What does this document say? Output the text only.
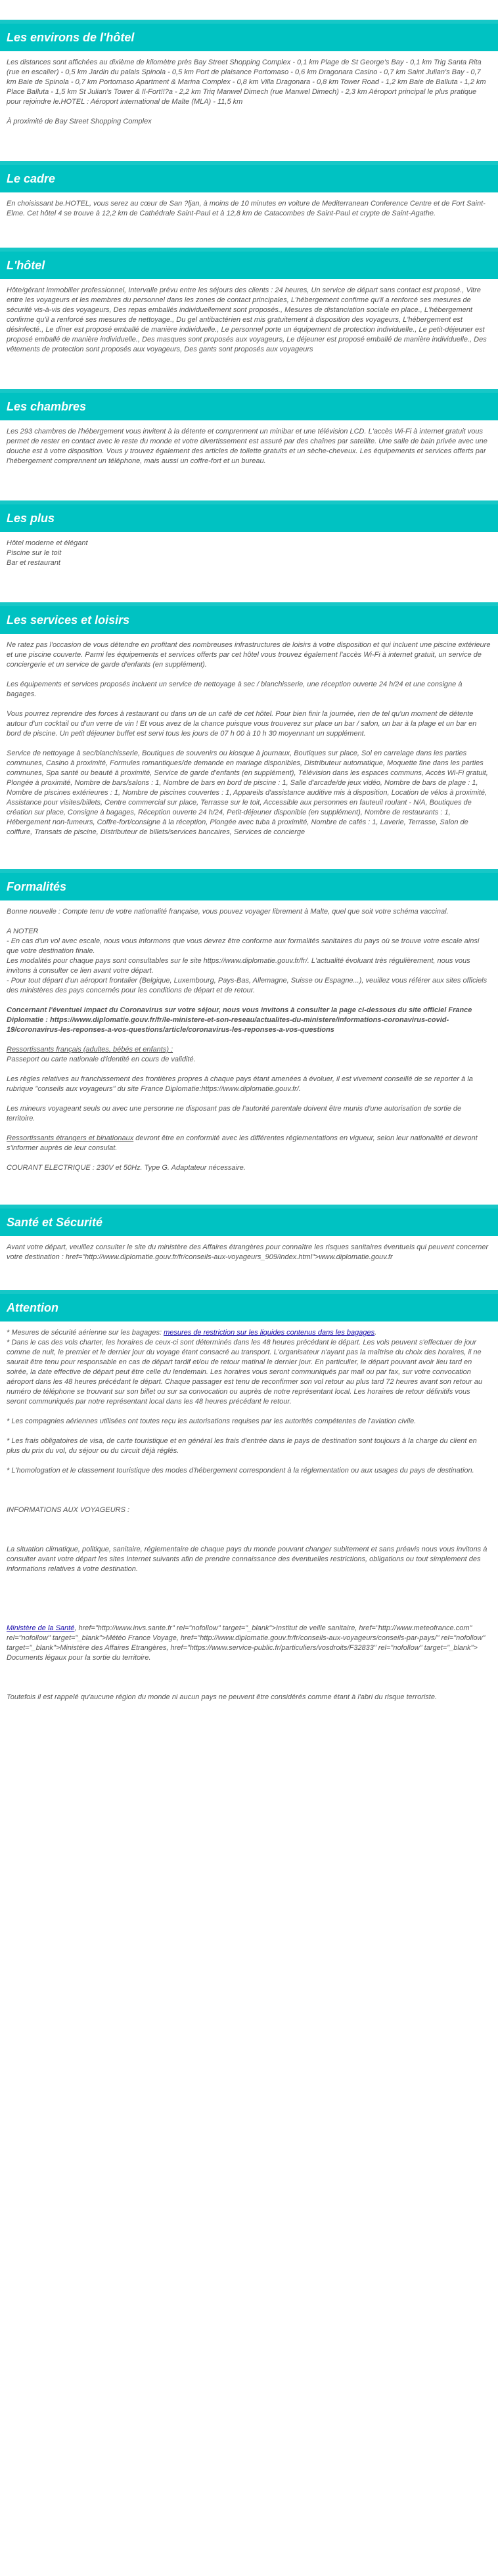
Les environs de l'hôtel

Les distances sont affichées au dixième de kilomètre près Bay Street Shopping Complex - 0,1 km Plage de St George's Bay - 0,1 km Trig Santa Rita (rue en escalier) - 0,5 km Jardin du palais Spinola - 0,5 km Port de plaisance Portomaso - 0,6 km Dragonara Casino - 0,7 km Saint Julian's Bay - 0,7 km Baie de Spinola - 0,7 km Portomaso Apartment & Marina Complex - 0,8 km Villa Dragonara - 0,8 km Tower Road - 1,2 km Baie de Balluta - 1,2 km Place Balluta - 1,5 km St Julian's Tower & Il-Fort!!?a - 2,2 km Triq Manwel Dimech (rue Manwel Dimech) - 2,3 km Aéroport principal le plus pratique pour rejoindre le.HOTEL : Aéroport international de Malte (MLA) - 11,5 km

À proximité de Bay Street Shopping Complex

Le cadre

En choisissant be.HOTEL, vous serez au cœur de San ?ljan, à moins de 10 minutes en voiture de Mediterranean Conference Centre et de Fort Saint-Elme. Cet hôtel 4 se trouve à 12,2 km de Cathédrale Saint-Paul et à 12,8 km de Catacombes de Saint-Paul et crypte de Saint-Agathe.

L'hôtel

Hôte/gérant immobilier professionnel, Intervalle prévu entre les séjours des clients : 24 heures, Un service de départ sans contact est proposé., Vitre entre les voyageurs et les membres du personnel dans les zones de contact principales, L'hébergement confirme qu'il a renforcé ses mesures de sécurité vis-à-vis des voyageurs, Des repas emballés individuellement sont proposés., Mesures de distanciation sociale en place., L'hébergement confirme qu'il a renforcé ses mesures de nettoyage., Du gel antibactérien est mis gratuitement à disposition des voyageurs, L'hébergement est désinfecté., Le dîner est proposé emballé de manière individuelle., Le personnel porte un équipement de protection individuelle., Le petit-déjeuner est proposé emballé de manière individuelle., Des masques sont proposés aux voyageurs, Le déjeuner est proposé emballé de manière individuelle., Des vêtements de protection sont proposés aux voyageurs, Des gants sont proposés aux voyageurs

Les chambres

Les 293 chambres de l'hébergement vous invitent à la détente et comprennent un minibar et une télévision LCD. L'accès Wi-Fi à internet gratuit vous permet de rester en contact avec le reste du monde et votre divertissement est assuré par des chaînes par satellite. Une salle de bain privée avec une douche est à votre disposition. Vous y trouvez également des articles de toilette gratuits et un sèche-cheveux. Les équipements et services offerts par l'hébergement comprennent un téléphone, mais aussi un coffre-fort et un bureau.

Les plus
Hôtel moderne et élégant
Piscine sur le toit
Bar et restaurant
Les services et loisirs

Ne ratez pas l'occasion de vous détendre en profitant des nombreuses infrastructures de loisirs à votre disposition et qui incluent une piscine extérieure et une piscine couverte. Parmi les équipements et services offerts par cet hôtel vous trouvez également l'accès Wi-Fi à internet gratuit, un service de conciergerie et un service de garde d'enfants (en supplément).

Les équipements et services proposés incluent un service de nettoyage à sec / blanchisserie, une réception ouverte 24 h/24 et une consigne à bagages.

Vous pourrez reprendre des forces à restaurant ou dans un de un café de cet hôtel. Pour bien finir la journée, rien de tel qu'un moment de détente autour d'un cocktail ou d'un verre de vin ! Et vous avez de la chance puisque vous trouverez sur place un bar / salon, un bar à la plage et un bar en bord de piscine. Un petit déjeuner buffet est servi tous les jours de 07 h 00 à 10 h 30 moyennant un supplément.

Service de nettoyage à sec/blanchisserie, Boutiques de souvenirs ou kiosque à journaux, Boutiques sur place, Sol en carrelage dans les parties communes, Casino à proximité, Formules romantiques/de demande en mariage disponibles, Distributeur automatique, Moquette fine dans les parties communes, Spa santé ou beauté à proximité, Service de garde d'enfants (en supplément), Télévision dans les espaces communs, Accès Wi-Fi gratuit, Plongée à proximité, Nombre de bars/salons : 1, Nombre de bars en bord de piscine : 1, Salle d'arcade/de jeux vidéo, Nombre de bars de plage : 1, Nombre de piscines extérieures : 1, Nombre de piscines couvertes : 1, Appareils d'assistance auditive mis à disposition, Location de vélos à proximité, Assistance pour visites/billets, Centre commercial sur place, Terrasse sur le toit, Accessible aux personnes en fauteuil roulant - N/A, Boutiques de création sur place, Consigne à bagages, Réception ouverte 24 h/24, Petit-déjeuner disponible (en supplément), Nombre de restaurants : 1, Hébergement non-fumeurs, Coffre-fort/consigne à la réception, Plongée avec tuba à proximité, Nombre de cafés : 1, Laverie, Terrasse, Salon de coiffure, Transats de piscine, Distributeur de billets/services bancaires, Services de concierge

Formalités

Bonne nouvelle : Compte tenu de votre nationalité française, vous pouvez voyager librement à Malte, quel que soit votre schéma vaccinal.

A NOTER
- En cas d'un vol avec escale, nous vous informons que vous devrez être conforme aux formalités sanitaires du pays où se trouve votre escale ainsi que votre destination finale.
Les modalités pour chaque pays sont consultables sur le site https://www.diplomatie.gouv.fr/fr/. L'actualité évoluant très régulièrement, nous vous invitons à consulter ce lien avant votre départ.
- Pour tout départ d'un aéroport frontalier (Belgique, Luxembourg, Pays-Bas, Allemagne, Suisse ou Espagne...), veuillez vous référer aux sites officiels des ministères des pays concernés pour les conditions de départ et de retour.

Concernant l'éventuel impact du Coronavirus sur votre séjour, nous vous invitons à consulter la page ci-dessous du site officiel France Diplomatie : https://www.diplomatie.gouv.fr/fr/le-ministere-et-son-reseau/actualites-du-ministere/informations-coronavirus-covid-19/coronavirus-les-reponses-a-vos-questions/article/coronavirus-les-reponses-a-vos-questions

Ressortissants français (adultes, bébés et enfants) :
Passeport ou carte nationale d'identité en cours de validité.

Les règles relatives au franchissement des frontières propres à chaque pays étant amenées à évoluer, il est vivement conseillé de se reporter à la rubrique "conseils aux voyageurs" du site France Diplomatie:https://www.diplomatie.gouv.fr/.

Les mineurs voyageant seuls ou avec une personne ne disposant pas de l'autorité parentale doivent être munis d'une autorisation de sortie de territoire.

Ressortissants étrangers et binationaux devront être en conformité avec les différentes réglementations en vigueur, selon leur nationalité et devront s'informer auprès de leur consulat.

COURANT ELECTRIQUE : 230V et 50Hz. Type G. Adaptateur nécessaire.

Santé et Sécurité

Avant votre départ, veuillez consulter le site du ministère des Affaires étrangères pour connaître les risques sanitaires éventuels qui peuvent concerner votre destination : href="http://www.diplomatie.gouv.fr/fr/conseils-aux-voyageurs_909/index.html">www.diplomatie.gouv.fr

Attention
* Mesures de sécurité aérienne sur les bagages: mesures de restriction sur les liquides contenus dans les bagages.

* Dans le cas des vols charter, les horaires de ceux-ci sont déterminés dans les 48 heures précédant le départ. Les vols peuvent s'effectuer de jour comme de nuit, le premier et le dernier jour du voyage étant consacré au transport. L'organisateur n'ayant pas la maîtrise du choix des horaires, il ne saurait être tenu pour responsable en cas de départ tardif et/ou de retour matinal le dernier jour. En particulier, le départ pouvant avoir lieu tard en soirée, la date effective de départ peut être celle du lendemain. Les horaires vous seront communiqués par mail ou par fax, sur votre convocation aéroport dans les 48 heures précédant le départ. Chaque passager est tenu de reconfirmer son vol retour au plus tard 72 heures avant son retour au numéro de téléphone se trouvant sur son billet ou sur sa convocation ou auprès de notre représentant local. Les horaires de retour définitifs vous seront communiqués par notre représentant local dans les 48 heures précédant le retour.

* Les compagnies aériennes utilisées ont toutes reçu les autorisations requises par les autorités compétentes de l'aviation civile.

* Les frais obligatoires de visa, de carte touristique et en général les frais d'entrée dans le pays de destination sont toujours à la charge du client en plus du prix du vol, du séjour ou du circuit déjà réglés.

* L'homologation et le classement touristique des modes d'hébergement correspondent à la réglementation ou aux usages du pays de destination.

INFORMATIONS AUX VOYAGEURS :

La situation climatique, politique, sanitaire, réglementaire de chaque pays du monde pouvant changer subitement et sans préavis nous vous invitons à consulter avant votre départ les sites Internet suivants afin de prendre connaissance des éventuelles restrictions, obligations ou tout simplement des informations relatives à votre destination.

Ministère de la Santé, href="http://www.invs.sante.fr" rel="nofollow" target="_blank">Institut de veille sanitaire, href="http://www.meteofrance.com" rel="nofollow" target="_blank">Météo France Voyage, href="http://www.diplomatie.gouv.fr/fr/conseils-aux-voyageurs/conseils-par-pays/" rel="nofollow" target="_blank">Ministère des Affaires Etrangères, href="https://www.service-public.fr/particuliers/vosdroits/F32833" rel="nofollow" target="_blank"> Documents légaux pour la sortie du territoire.

Toutefois il est rappelé qu'aucune région du monde ni aucun pays ne peuvent être considérés comme étant à l'abri du risque terroriste.
